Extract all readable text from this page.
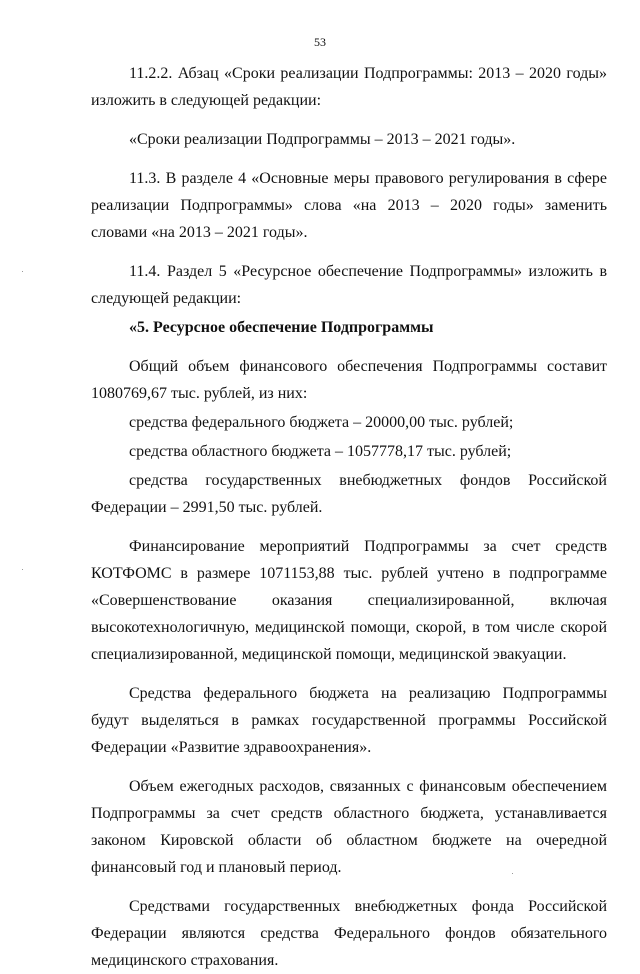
53

11.2.2. Абзац «Сроки реализации Подпрограммы: 2013 – 2020 годы» изложить в следующей редакции:

«Сроки реализации Подпрограммы – 2013 – 2021 годы».

11.3. В разделе 4 «Основные меры правового регулирования в сфере реализации Подпрограммы» слова «на 2013 – 2020 годы» заменить словами «на 2013 – 2021 годы».

11.4. Раздел 5 «Ресурсное обеспечение Подпрограммы» изложить в следующей редакции:

«5. Ресурсное обеспечение Подпрограммы

Общий объем финансового обеспечения Подпрограммы составит 1080769,67 тыс. рублей, из них:

средства федерального бюджета – 20000,00 тыс. рублей;

средства областного бюджета – 1057778,17 тыс. рублей;

средства государственных внебюджетных фондов Российской Федерации – 2991,50 тыс. рублей.

Финансирование мероприятий Подпрограммы за счет средств КОТФОМС в размере 1071153,88 тыс. рублей учтено в подпрограмме «Совершенствование оказания специализированной, включая высокотехнологичную, медицинской помощи, скорой, в том числе скорой специализированной, медицинской помощи, медицинской эвакуации.

Средства федерального бюджета на реализацию Подпрограммы будут выделяться в рамках государственной программы Российской Федерации «Развитие здравоохранения».

Объем ежегодных расходов, связанных с финансовым обеспечением Подпрограммы за счет средств областного бюджета, устанавливается законом Кировской области об областном бюджете на очередной финансовый год и плановый период.

Средствами государственных внебюджетных фонда Российской Федерации являются средства Федерального фондов обязательного медицинского страхования.
